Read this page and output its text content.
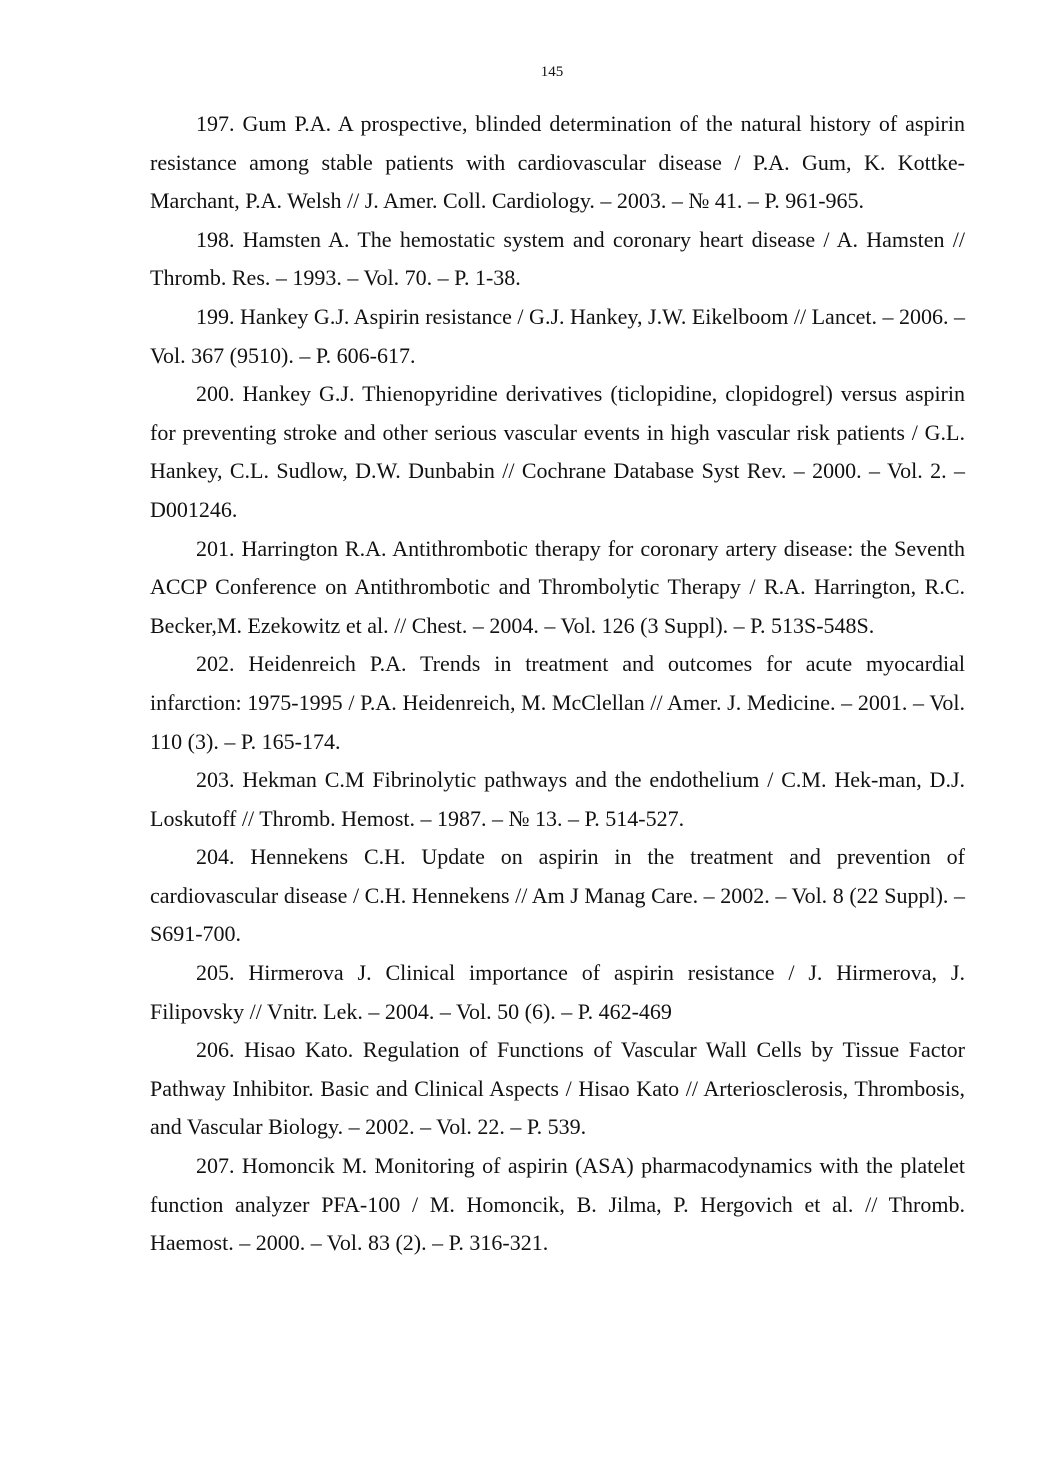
145
197. Gum P.A. A prospective, blinded determination of the natural history of aspirin resistance among stable patients with cardiovascular disease / P.A. Gum, K. Kottke-Marchant, P.A. Welsh // J. Amer. Coll. Cardiology. – 2003. – № 41. – P. 961-965.
198. Hamsten A. The hemostatic system and coronary heart disease / A. Hamsten // Thromb. Res. – 1993. – Vol. 70. – P. 1-38.
199. Hankey G.J. Aspirin resistance / G.J. Hankey, J.W. Eikelboom // Lancet. – 2006. – Vol. 367 (9510). – P. 606-617.
200. Hankey G.J. Thienopyridine derivatives (ticlopidine, clopidogrel) versus aspirin for preventing stroke and other serious vascular events in high vascular risk patients / G.L. Hankey, C.L. Sudlow, D.W. Dunbabin // Cochrane Database Syst Rev. – 2000. – Vol. 2. – D001246.
201. Harrington R.A. Antithrombotic therapy for coronary artery disease: the Seventh ACCP Conference on Antithrombotic and Thrombolytic Therapy / R.A. Harrington, R.C. Becker,M. Ezekowitz et al. // Chest. – 2004. – Vol. 126 (3 Suppl). – P. 513S-548S.
202. Heidenreich P.A. Trends in treatment and outcomes for acute myocardial infarction: 1975-1995 / P.A. Heidenreich, M. McClellan // Amer. J. Medicine. – 2001. – Vol. 110 (3). – P. 165-174.
203. Hekman C.M Fibrinolytic pathways and the endothelium / C.M. Hek-man, D.J. Loskutoff // Thromb. Hemost. – 1987. – № 13. – P. 514-527.
204. Hennekens C.H. Update on aspirin in the treatment and prevention of cardiovascular disease / C.H. Hennekens // Am J Manag Care. – 2002. – Vol. 8 (22 Suppl). – S691-700.
205. Hirmerova J. Clinical importance of aspirin resistance / J. Hirmerova, J. Filipovsky // Vnitr. Lek. – 2004. – Vol. 50 (6). – P. 462-469
206. Hisao Kato. Regulation of Functions of Vascular Wall Cells by Tissue Factor Pathway Inhibitor. Basic and Clinical Aspects / Hisao Kato // Arteriosclerosis, Thrombosis, and Vascular Biology. – 2002. – Vol. 22. – P. 539.
207. Homoncik M. Monitoring of aspirin (ASA) pharmacodynamics with the platelet function analyzer PFA-100 / M. Homoncik, B. Jilma, P. Hergovich et al. // Thromb. Haemost. – 2000. – Vol. 83 (2). – P. 316-321.
